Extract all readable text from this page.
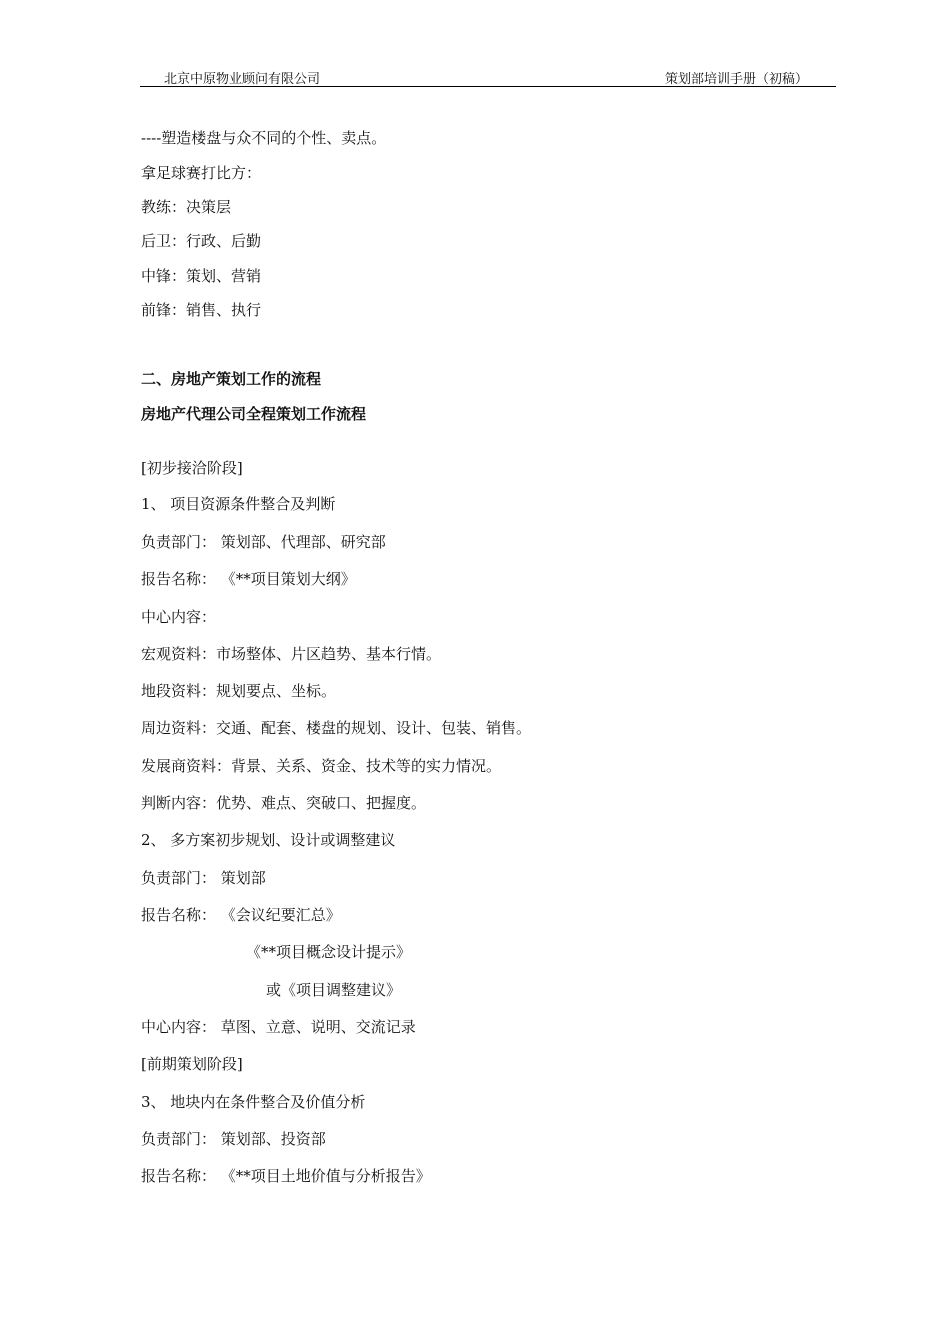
北京中原物业顾问有限公司	策划部培训手册（初稿）
----塑造楼盘与众不同的个性、卖点。
拿足球赛打比方：
教练：决策层
后卫：行政、后勤
中锋：策划、营销
前锋：销售、执行
二、房地产策划工作的流程
房地产代理公司全程策划工作流程
[初步接洽阶段]
1、 项目资源条件整合及判断
负责部门： 策划部、代理部、研究部
报告名称： 《**项目策划大纲》
中心内容：
宏观资料：市场整体、片区趋势、基本行情。
地段资料：规划要点、坐标。
周边资料：交通、配套、楼盘的规划、设计、包装、销售。
发展商资料：背景、关系、资金、技术等的实力情况。
判断内容：优势、难点、突破口、把握度。
2、 多方案初步规划、设计或调整建议
负责部门： 策划部
报告名称： 《会议纪要汇总》
《**项目概念设计提示》
或《项目调整建议》
中心内容： 草图、立意、说明、交流记录
[前期策划阶段]
3、 地块内在条件整合及价值分析
负责部门： 策划部、投资部
报告名称： 《**项目土地价值与分析报告》
